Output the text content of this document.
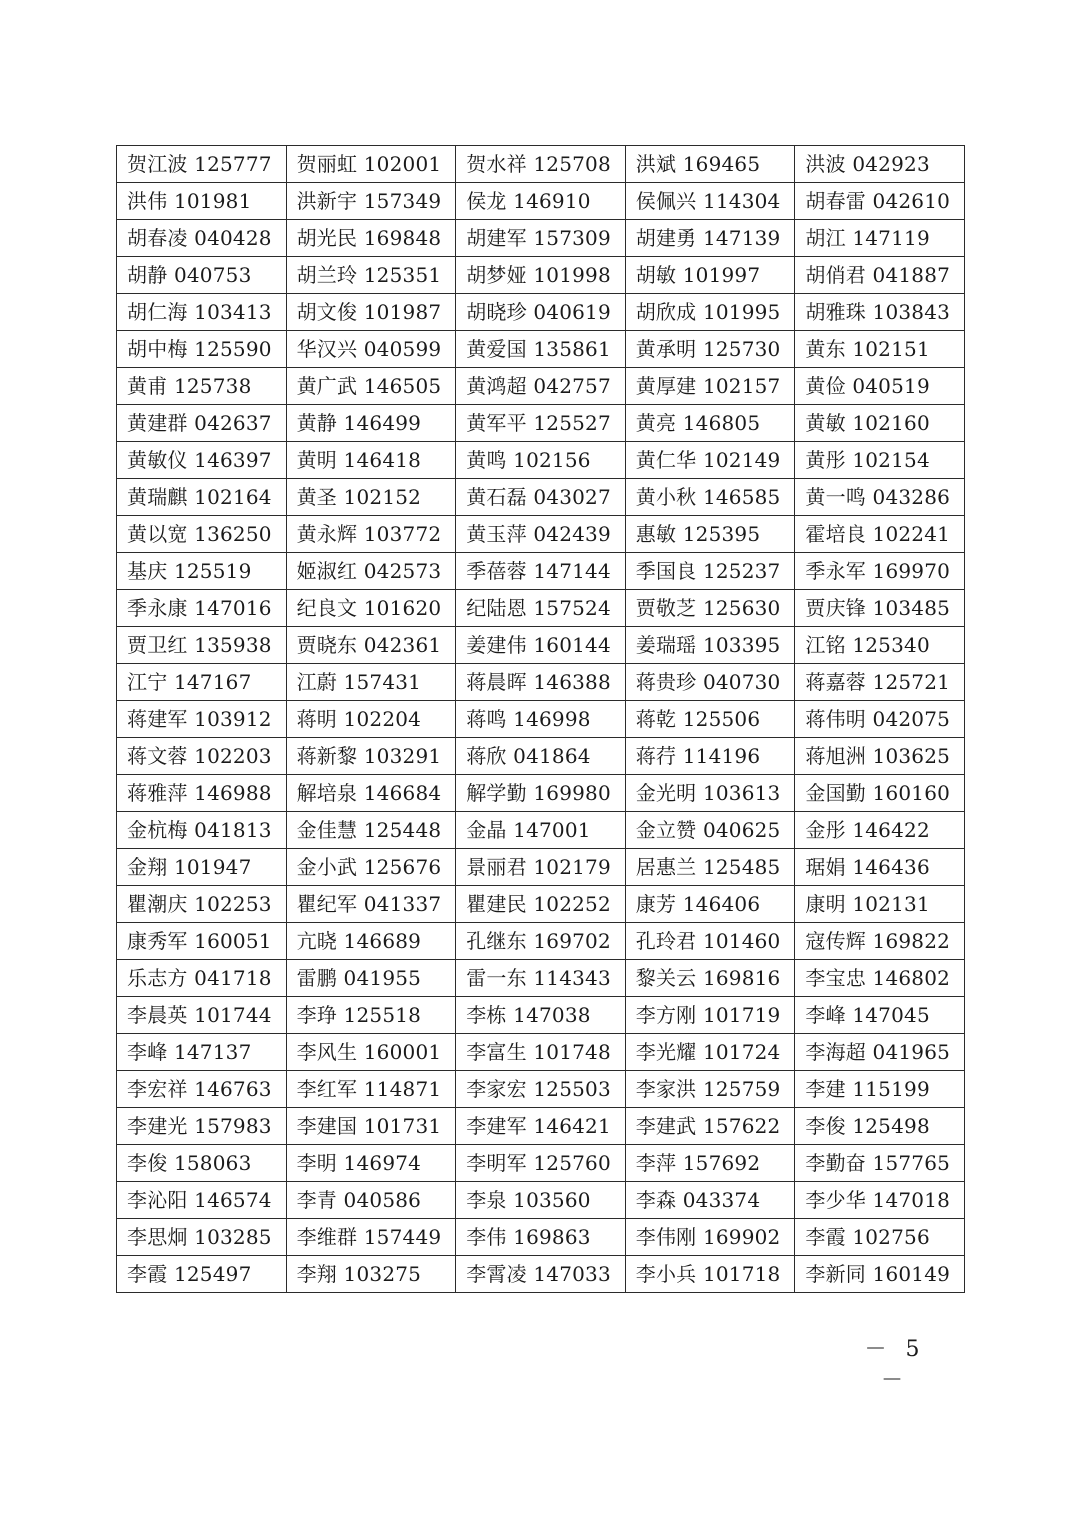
贺江波 125777	贺丽虹 102001	贺水祥 125708	洪斌 169465	洪波 042923
洪伟 101981	洪新宇 157349	侯龙 146910	侯佩兴 114304	胡春雷 042610
胡春凌 040428	胡光民 169848	胡建军 157309	胡建勇 147139	胡江 147119
胡静 040753	胡兰玲 125351	胡梦娅 101998	胡敏 101997	胡俏君 041887
胡仁海 103413	胡文俊 101987	胡晓珍 040619	胡欣成 101995	胡雅珠 103843
胡中梅 125590	华汉兴 040599	黄爱国 135861	黄承明 125730	黄东 102151
黄甫 125738	黄广武 146505	黄鸿超 042757	黄厚建 102157	黄俭 040519
黄建群 042637	黄静 146499	黄军平 125527	黄亮 146805	黄敏 102160
黄敏仪 146397	黄明 146418	黄鸣 102156	黄仁华 102149	黄彤 102154
黄瑞麒 102164	黄圣 102152	黄石磊 043027	黄小秋 146585	黄一鸣 043286
黄以宽 136250	黄永辉 103772	黄玉萍 042439	惠敏 125395	霍培良 102241
基庆 125519	姬淑红 042573	季蓓蓉 147144	季国良 125237	季永军 169970
季永康 147016	纪良文 101620	纪陆恩 157524	贾敬芝 125630	贾庆锋 103485
贾卫红 135938	贾晓东 042361	姜建伟 160144	姜瑞瑶 103395	江铭 125340
江宁 147167	江蔚 157431	蒋晨晖 146388	蒋贵珍 040730	蒋嘉蓉 125721
蒋建军 103912	蒋明 102204	蒋鸣 146998	蒋乾 125506	蒋伟明 042075
蒋文蓉 102203	蒋新黎 103291	蒋欣 041864	蒋荇 114196	蒋旭洲 103625
蒋雅萍 146988	解培泉 146684	解学勤 169980	金光明 103613	金国勤 160160
金杭梅 041813	金佳慧 125448	金晶 147001	金立赞 040625	金彤 146422
金翔 101947	金小武 125676	景丽君 102179	居惠兰 125485	琚娟 146436
瞿潮庆 102253	瞿纪军 041337	瞿建民 102252	康芳 146406	康明 102131
康秀军 160051	亢晓 146689	孔继东 169702	孔玲君 101460	寇传辉 169822
乐志方 041718	雷鹏 041955	雷一东 114343	黎关云 169816	李宝忠 146802
李晨英 101744	李琤 125518	李栋 147038	李方刚 101719	李峰 147045
李峰 147137	李风生 160001	李富生 101748	李光耀 101724	李海超 041965
李宏祥 146763	李红军 114871	李家宏 125503	李家洪 125759	李建 115199
李建光 157983	李建国 101731	李建军 146421	李建武 157622	李俊 125498
李俊 158063	李明 146974	李明军 125760	李萍 157692	李勤奋 157765
李沁阳 146574	李青 040586	李泉 103560	李森 043374	李少华 147018
李思炯 103285	李维群 157449	李伟 169863	李伟刚 169902	李霞 102756
李霞 125497	李翔 103275	李霄凌 147033	李小兵 101718	李新同 160149
－ 5 －
